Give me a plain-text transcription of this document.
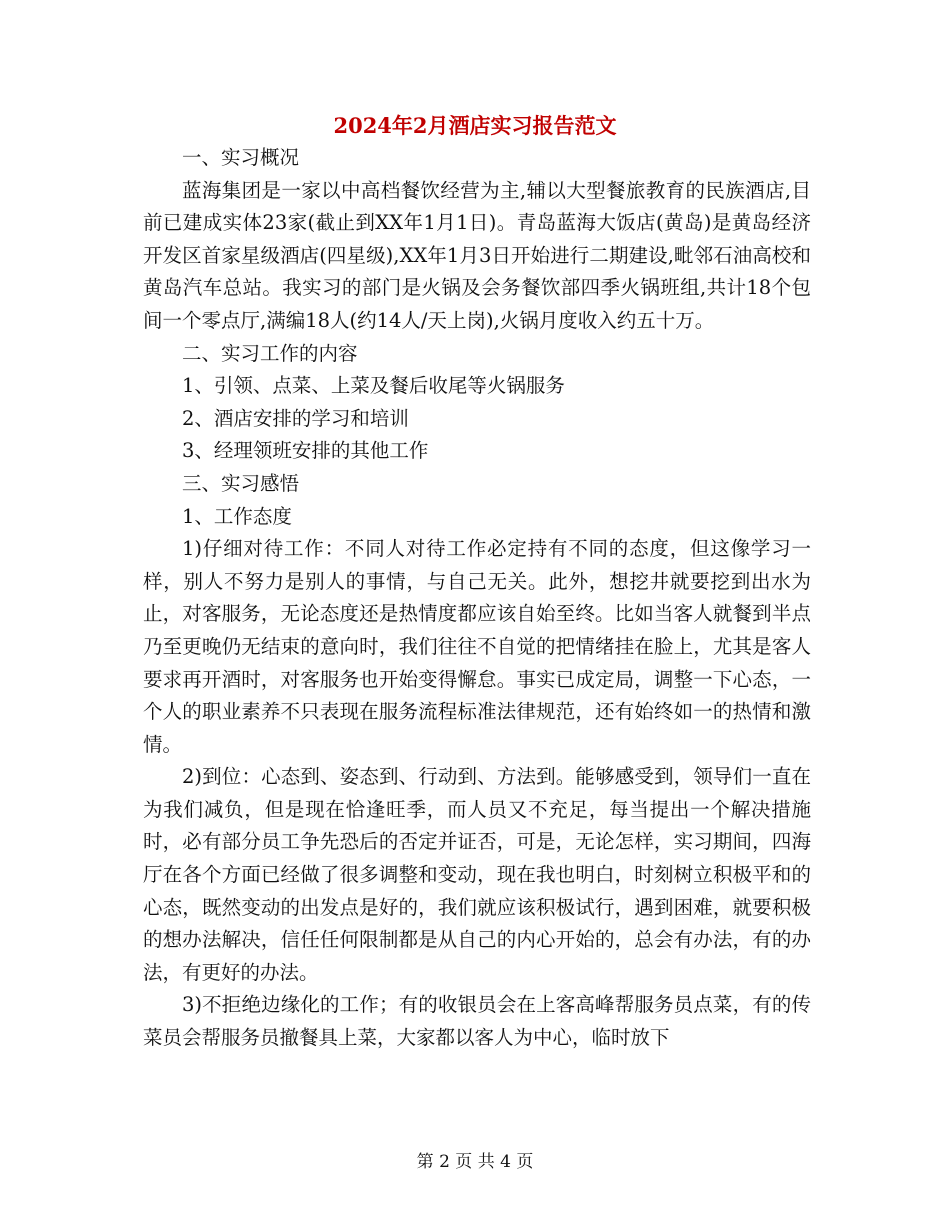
2024年2月酒店实习报告范文

一、实习概况

蓝海集团是一家以中高档餐饮经营为主,辅以大型餐旅教育的民族酒店,目前已建成实体23家(截止到XX年1月1日)。青岛蓝海大饭店(黄岛)是黄岛经济开发区首家星级酒店(四星级),XX年1月3日开始进行二期建设,毗邻石油高校和黄岛汽车总站。我实习的部门是火锅及会务餐饮部四季火锅班组,共计18个包间一个零点厅,满编18人(约14人/天上岗),火锅月度收入约五十万。

二、实习工作的内容

1、引领、点菜、上菜及餐后收尾等火锅服务

2、酒店安排的学习和培训

3、经理领班安排的其他工作

三、实习感悟

1、工作态度

1)仔细对待工作：不同人对待工作必定持有不同的态度，但这像学习一样，别人不努力是别人的事情，与自己无关。此外，想挖井就要挖到出水为止，对客服务，无论态度还是热情度都应该自始至终。比如当客人就餐到半点乃至更晚仍无结束的意向时，我们往往不自觉的把情绪挂在脸上，尤其是客人要求再开酒时，对客服务也开始变得懈怠。事实已成定局，调整一下心态，一个人的职业素养不只表现在服务流程标准法律规范，还有始终如一的热情和激情。

2)到位：心态到、姿态到、行动到、方法到。能够感受到，领导们一直在为我们减负，但是现在恰逢旺季，而人员又不充足，每当提出一个解决措施时，必有部分员工争先恐后的否定并证否，可是，无论怎样，实习期间，四海厅在各个方面已经做了很多调整和变动，现在我也明白，时刻树立积极平和的心态，既然变动的出发点是好的，我们就应该积极试行，遇到困难，就要积极的想办法解决，信任任何限制都是从自己的内心开始的，总会有办法，有的办法，有更好的办法。

3)不拒绝边缘化的工作；有的收银员会在上客高峰帮服务员点菜，有的传菜员会帮服务员撤餐具上菜，大家都以客人为中心，临时放下

第 2 页 共 4 页
